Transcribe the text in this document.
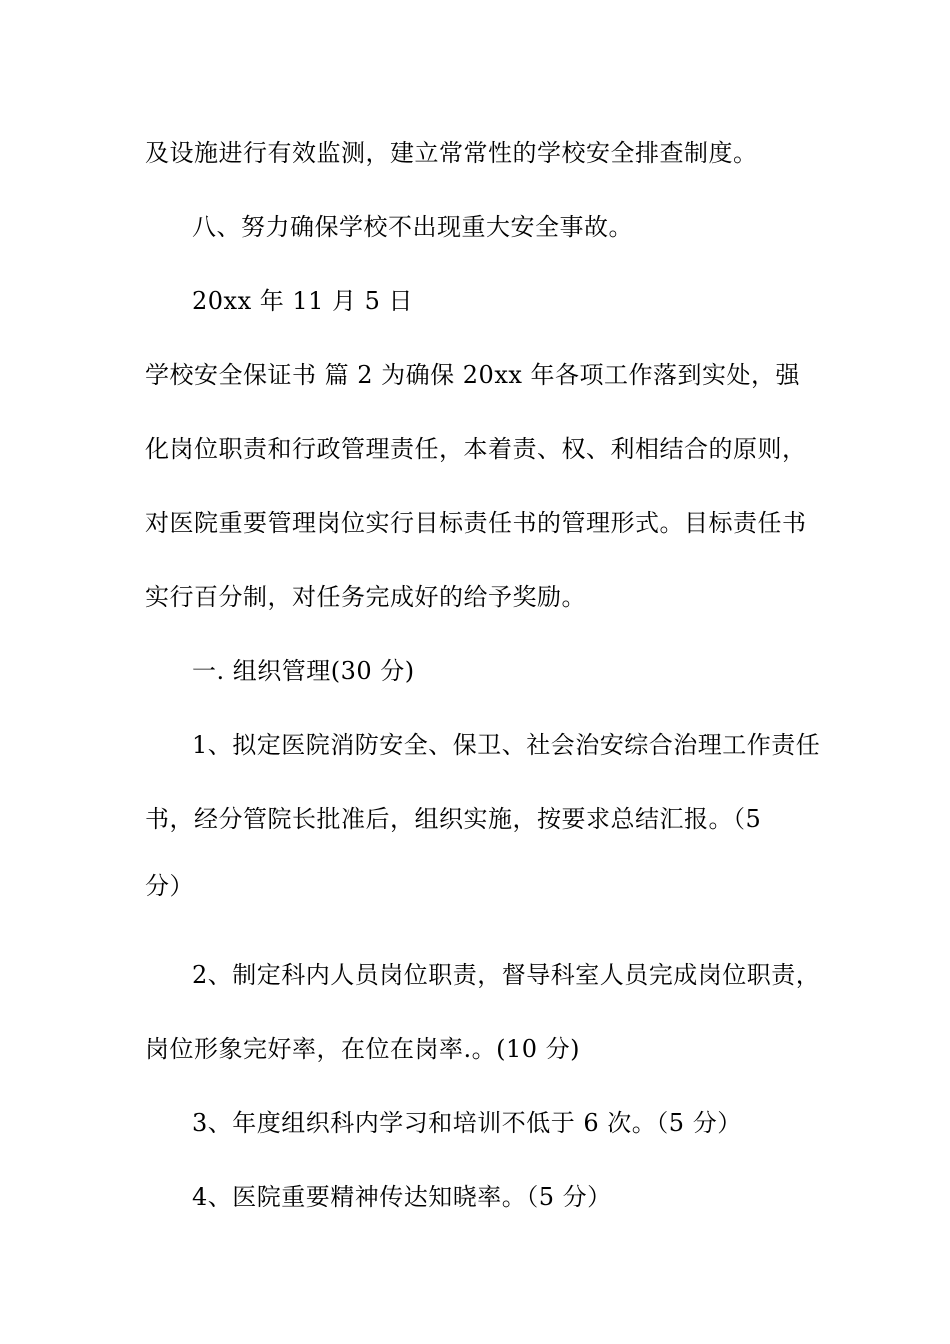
及设施进行有效监测，建立常常性的学校安全排查制度。
八、努力确保学校不出现重大安全事故。
20xx 年 11 月 5 日
学校安全保证书 篇 2 为确保 20xx 年各项工作落到实处，强
化岗位职责和行政管理责任，本着责、权、利相结合的原则，
对医院重要管理岗位实行目标责任书的管理形式。目标责任书
实行百分制，对任务完成好的给予奖励。
一. 组织管理(30 分)
1、拟定医院消防安全、保卫、社会治安综合治理工作责任
书，经分管院长批准后，组织实施，按要求总结汇报。（5
分）
2、制定科内人员岗位职责，督导科室人员完成岗位职责，
岗位形象完好率，在位在岗率.。(10 分)
3、年度组织科内学习和培训不低于 6 次。（5 分）
4、医院重要精神传达知晓率。（5 分）
